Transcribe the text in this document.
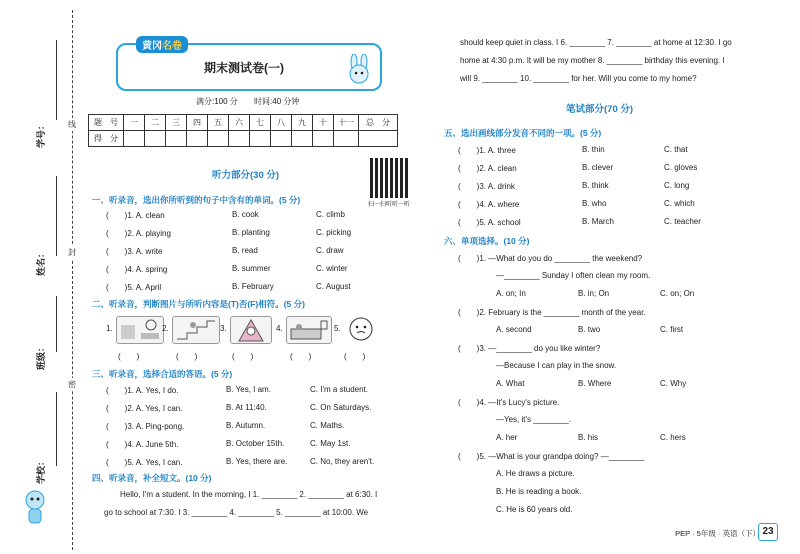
线
封
密
学号：
姓名：
班级：
学校：
黄冈名卷
期末测试卷(一)
满分:100 分 时间:40 分钟
题　号	一	二	三	四	五	六	七	八	九	十	十一	总　分
得　分												
听力部分(30 分)
扫一扫听听一听
一、听录音，选出你所听到的句子中含有的单词。(5 分)
(　　)1. A. clean	B. cook	C. climb
(　　)2. A. playing	B. planting	C. picking
(　　)3. A. write	B. read	C. draw
(　　)4. A. spring	B. summer	C. winter
(　　)5. A. April	B. February	C. August
二、听录音，判断图片与所听内容是(T)否(F)相符。(5 分)
1.	2.	3.	4.	5.
(　　)	(　　)	(　　)	(　　)	(　　)
三、听录音，选择合适的答语。(5 分)
(　　)1. A. Yes, I do.	B. Yes, I am.	C. I'm a student.
(　　)2. A. Yes, I can.	B. At 11:40.	C. On Saturdays.
(　　)3. A. Ping-pong.	B. Autumn.	C. Maths.
(　　)4. A. June 5th.	B. October 15th.	C. May 1st.
(　　)5. A. Yes, I can.	B. Yes, there are.	C. No, they aren't.
四、听录音，补全短文。(10 分)
Hello, I'm a student. In the morning, I 1. ________ 2. ________ at 6:30. I
go to school at 7:30. I 3. ________ 4. ________ 5. ________ at 10:00. We
should keep quiet in class. I 6. ________ 7. ________ at home at 12:30. I go
home at 4:30 p.m. It will be my mother 8. ________ birthday this evening. I
will 9. ________ 10. ________ for her. Will you come to my home?
笔试部分(70 分)
五、选出画线部分发音不同的一项。(5 分)
(　　)1. A. three	B. thin	C. that
(　　)2. A. clean	B. clever	C. gloves
(　　)3. A. drink	B. think	C. long
(　　)4. A. where	B. who	C. which
(　　)5. A. school	B. March	C. teacher
六、单项选择。(10 分)
(　　)1. —What do you do ________ the weekend?
—________ Sunday I often clean my room.
A. on; In	B. in; On	C. on; On
(　　)2. February is the ________ month of the year.
A. second	B. two	C. first
(　　)3. —________ do you like winter?
—Because I can play in the snow.
A. What	B. Where	C. Why
(　　)4. —It's Lucy's picture.
—Yes, it's ________.
A. her	B. his	C. hers
(　　)5. —What is your grandpa doing? —________
A. He draws a picture.
B. He is reading a book.
C. He is 60 years old.
PEP · 5年级 · 英语（下） 23
